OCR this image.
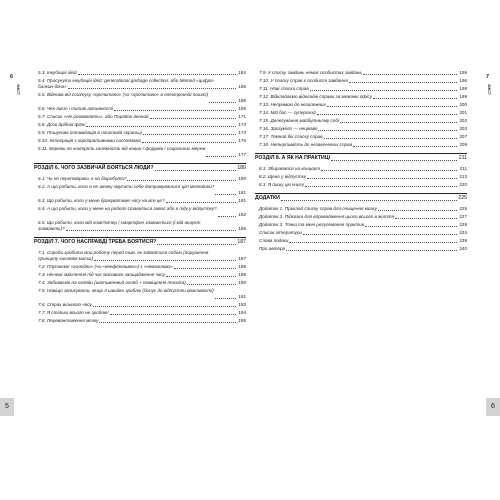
6
ЗМІСТ
5.3. Інкубація ідей	184
5.4. Просунута інкубація ідей: generational garbage collection, або Метод «цифра-балкон-дача»	186
5.5. Віднова від статусу «прочитано» (чи «прочитано» в електронній пошті)
188
5.6. Чек-лист і типові активності	169
5.7. Список «Не розмовляти», або Порядок денний	171
5.8. Дозо дрібної фігні	173
5.9. Пошукова оптимізація в поштовій скриньці	173
5.10. Інтеграція з корпоративними системами	175
5.11. Бережи по контроль залежність від новин / форумів / соціальних мереж
177
РОЗДІЛ 6. ЧОГО ЗАЗВИЧАЙ БОЯТЬСЯ ЛЮДИ?	180
6.1. Чи не перетворюсь я на біоробота?	180
6.2. А що робити, коли я не зможу змусити себе дотримуватися цієї методики?
181
6.3. Що робити, коли у мене бракуватиме часу на все це?	181
6.4. А що робити, коли у мене на роботі ставиться завал або я піду у відпустку?
182
6.5. Що робити, коли мій комп'ютер / смартфон зламається (і мій акаунт зламають)?	185
РОЗДІЛ 7. ЧОГО НАСПРАВДІ ТРЕБА БОЯТИСЯ?	187
7.1. Спроби зробити всю роботу перед тим, як займатися собою (порушення принципу кисневої маски)	187
7.2. Плутаємо «холодно» (чи «неефективно») з «неможливо»	188
7.3. Нікчемі змістення під час масового заощадження часу	188
7.4. Забиваємо на огляди (шотижневий огляд + поміщення техніка)	190
7.5. Навіщо записувати, якщо я швидко зроблю (бонус до відпустпи важливості)
191
7.6. Страх вільного часу	193
7.7. Я стільки всього не зроблю!	194
7.8. Перевантаження мозку	195
5
7
ЗМІСТ
7.9. У списку завдань немає особистих завдань	195
7.10. У списку справ є особисті завдання	196
7.11. Нові списки справ	198
7.12. Відкладаємо відкладні справи за межами офісу	199
7.13. Непрямою до незалежних	200
7.14. Мій бос — суперскид	201
7.15. Делегування майбутньому собі	203
7.16. Зрозуміло — нецікаво	203
7.17. Темний бік списку справ	207
7.18. Нетерпимість до незакінчених справ	209
РОЗДІЛ 8. А ЯК НА ПРАКТИЦІ	211
8.1. Збираємося на концерт	211
8.2. Щено у відпустку	213
8.3. Я пишу цю книгу	220
ДОДАТКИ	225
Додаток 1. Приклад списку справ для очищення мозку	225
Додаток 2. Підказки для впровадження цього всього в життя	227
Додаток 3. Точки та мені регулювання практик	229
Список літератури	234
Слова подяки	238
Про автора	240
6
